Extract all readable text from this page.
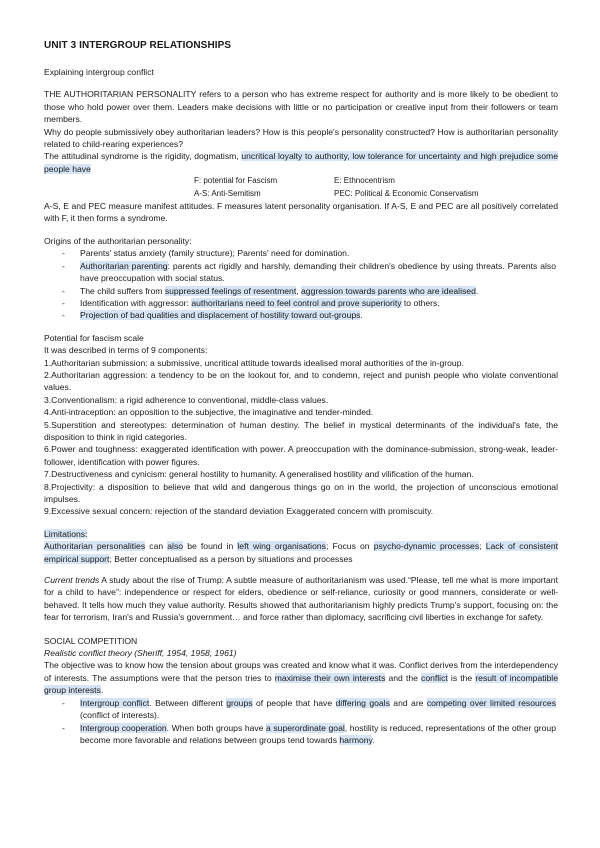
UNIT 3 INTERGROUP RELATIONSHIPS

Explaining intergroup conflict

THE AUTHORITARIAN PERSONALITY refers to a person who has extreme respect for authority and is more likely to be obedient to those who hold power over them. Leaders make decisions with little or no participation or creative input from their followers or team members.

Why do people submissively obey authoritarian leaders? How is this people's personality constructed? How is authoritarian personality related to child-rearing experiences?

The attitudinal syndrome is the rigidity, dogmatism, uncritical loyalty to authority, low tolerance for uncertainty and high prejudice some people have

F: potential for Fascism	E: Ethnocentrism
A-S: Anti-Semitism	PEC: Political & Economic Conservatism

A-S, E and PEC measure manifest attitudes. F measures latent personality organisation. If A-S, E and PEC are all positively correlated with F, it then forms a syndrome.

Origins of the authoritarian personality:

- Parents' status anxiety (family structure); Parents' need for domination.
- Authoritarian parenting: parents act rigidly and harshly, demanding their children's obedience by using threats. Parents also have preoccupation with social status.
- The child suffers from suppressed feelings of resentment, aggression towards parents who are idealised.
- Identification with aggressor: authoritarians need to feel control and prove superiority to others.
- Projection of bad qualities and displacement of hostility toward out-groups.

Potential for fascism scale

It was described in terms of 9 components:

1.Authoritarian submission: a submissive, uncritical attitude towards idealised moral authorities of the in-group.

2.Authoritarian aggression: a tendency to be on the lookout for, and to condemn, reject and punish people who violate conventional values.

3.Conventionalism: a rigid adherence to conventional, middle-class values.

4.Anti-intraception: an opposition to the subjective, the imaginative and tender-minded.

5.Superstition and stereotypes: determination of human destiny. The belief in mystical determinants of the individual's fate, the disposition to think in rigid categories.

6.Power and toughness: exaggerated identification with power. A preoccupation with the dominance-submission, strong-weak, leader-follower, identification with power figures.

7.Destructiveness and cynicism: general hostility to humanity. A generalised hostility and vilification of the human.

8.Projectivity: a disposition to believe that wild and dangerous things go on in the world, the projection of unconscious emotional impulses.

9.Excessive sexual concern: rejection of the standard deviation Exaggerated concern with promiscuity.

Limitations:

Authoritarian personalities can also be found in left wing organisations; Focus on psycho-dynamic processes; Lack of consistent empirical support; Better conceptualised as a person by situations and processes

Current trends A study about the rise of Trump: A subtle measure of authoritarianism was used.“Please, tell me what is more important for a child to have”: independence or respect for elders, obedience or self-reliance, curiosity or good manners, considerate or well-behaved. It tells how much they value authority. Results showed that authoritarianism highly predicts Trump's support, focusing on: the fear for terrorism, Iran's and Russia's government… and force rather than diplomacy, sacrificing civil liberties in exchange for safety.

SOCIAL COMPETITION

Realistic conflict theory (Sheriff, 1954, 1958, 1961)

The objective was to know how the tension about groups was created and know what it was. Conflict derives from the interdependency of interests. The assumptions were that the person tries to maximise their own interests and the conflict is the result of incompatible group interests.

- Intergroup conflict. Between different groups of people that have differing goals and are competing over limited resources (conflict of interests).
- Intergroup cooperation. When both groups have a superordinate goal, hostility is reduced, representations of the other group become more favorable and relations between groups tend towards harmony.
